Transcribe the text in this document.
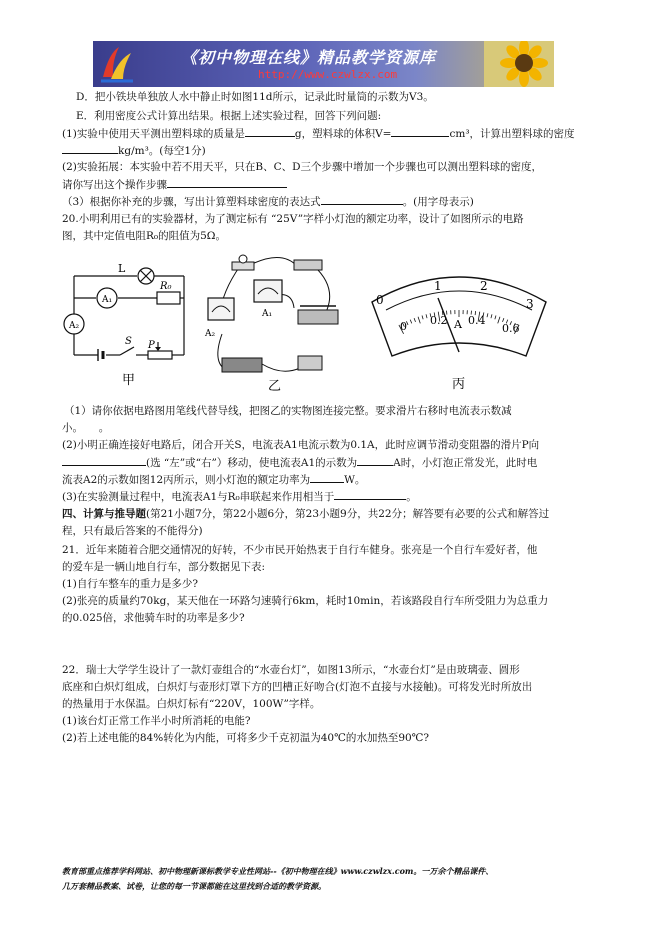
《初中物理在线》精品教学资源库
http://www.czwlzx.com
D．把小铁块单独放人水中静止时如图11d所示，记录此时量筒的示数为V3。
E．利用密度公式计算出结果。根据上述实验过程，回答下列问题:
(1)实验中使用天平测出塑料球的质量是	g，塑料球的体积V=	cm³，计算出塑料球的密度
kg/m³。(每空1分)
(2)实验拓展：本实验中若不用天平，只在B、C、D三个步骤中增加一个步骤也可以测出塑料球的密度，
请你写出这个操作步骤
（3）根据你补充的步骤，写出计算塑料球密度的表达式	。(用字母表示)
20.小明利用已有的实验器材，为了测定标有 “25V”字样小灯泡的额定功率，设计了如图所示的电路
图，其中定值电阻R₀的阻值为5Ω。
L
A₁
A₂
R₀
S P
甲
A₂
A₁
乙
0
1	2
3
0 0.2 0.4
0.6
A
丙
（1）请你依据电路图用笔线代替导线，把图乙的实物图连接完整。要求滑片右移时电流表示数减
小。　　。
(2)小明正确连接好电路后，闭合开关S，电流表A1电流示数为0.1A，此时应调节滑动变阻器的滑片P向
(选 “左”或“右”）移动，使电流表A1的示数为	A时，小灯泡正常发光，此时电
流表A2的示数如图12丙所示，则小灯泡的额定功率为	W。
(3)在实验测量过程中，电流表A1与R₀串联起来作用相当于	。
四、计算与推导题(第21小题7分，第22小题6分，第23小题9分，共22分；解答要有必要的公式和解答过
程，只有最后答案的不能得分)
21．近年来随着合肥交通情况的好转，不少市民开始热衷于自行车健身。张亮是一个自行车爱好者，他
的爱车是一辆山地自行车，部分数据见下表:
(1)自行车整车的重力是多少?
(2)张亮的质量约70kg，某天他在一环路匀速骑行6km，耗时10min，若该路段自行车所受阻力为总重力
的0.025倍，求他骑车时的功率是多少?
22．瑞士大学学生设计了一款灯壶组合的“水壶台灯”，如图13所示，“水壶台灯”是由玻璃壶、圆形
底座和白炽灯组成，白炽灯与壶形灯罩下方的凹槽正好吻合(灯泡不直接与水接触)。可将发光时所放出
的热量用于水保温。白炽灯标有“220V，100W”字样。
(1)该台灯正常工作半小时所消耗的电能?
(2)若上述电能的84%转化为内能，可将多少千克初温为40℃的水加热至90℃?
教育部重点推荐学科网站、初中物理新课标教学专业性网站--《初中物理在线》www.czwlzx.com。一万余个精品课件、
几万套精品教案、试卷，让您的每一节课都能在这里找到合适的教学资源。
